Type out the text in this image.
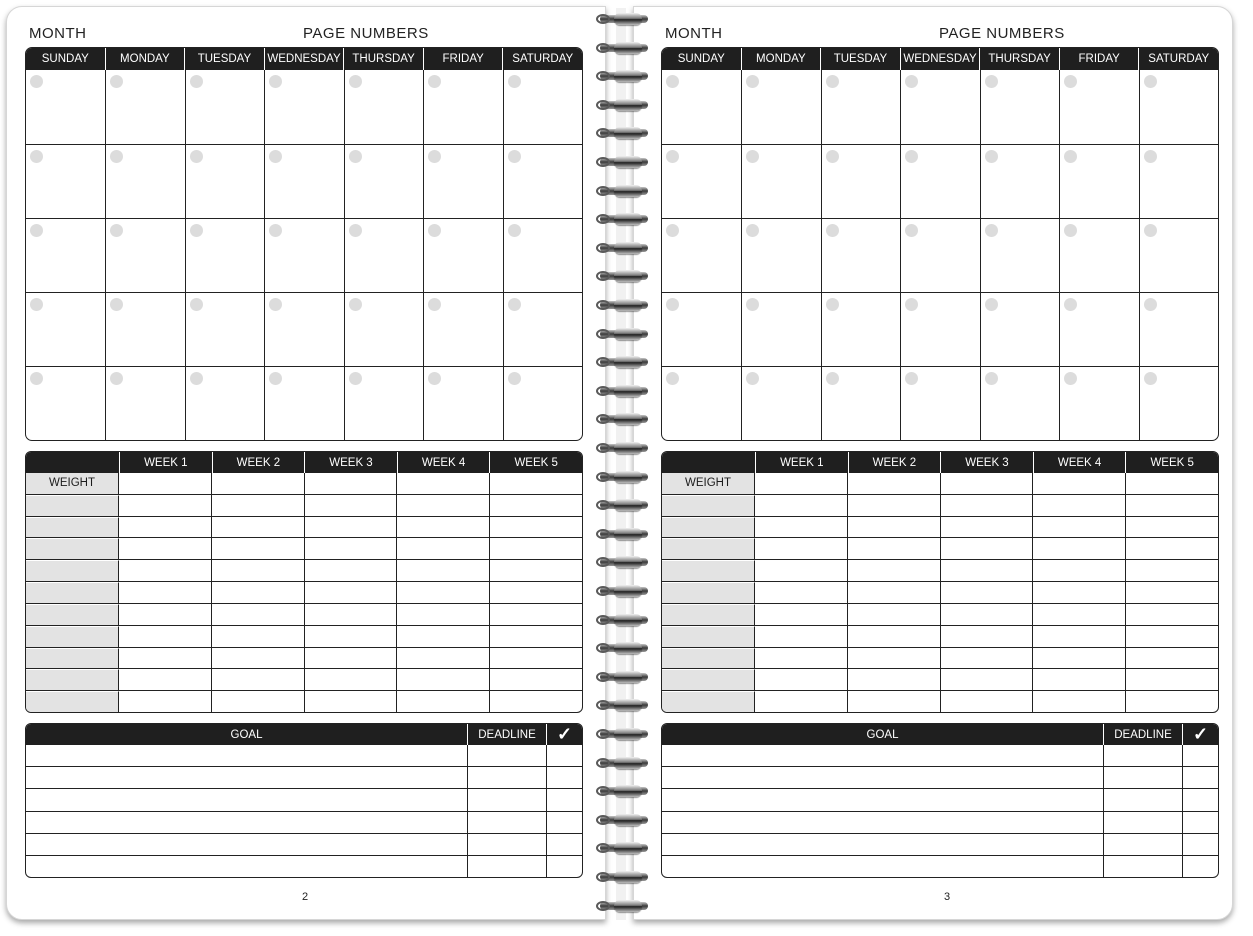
MONTH	PAGE NUMBERS
SUNDAY	MONDAY	TUESDAY	WEDNESDAY	THURSDAY	FRIDAY	SATURDAY
WEEK 1	WEEK 2	WEEK 3	WEEK 4	WEEK 5
WEIGHT
GOAL	DEADLINE	✓
2
MONTH	PAGE NUMBERS
SUNDAY	MONDAY	TUESDAY	WEDNESDAY	THURSDAY	FRIDAY	SATURDAY
WEEK 1	WEEK 2	WEEK 3	WEEK 4	WEEK 5
WEIGHT
GOAL	DEADLINE	✓
3
